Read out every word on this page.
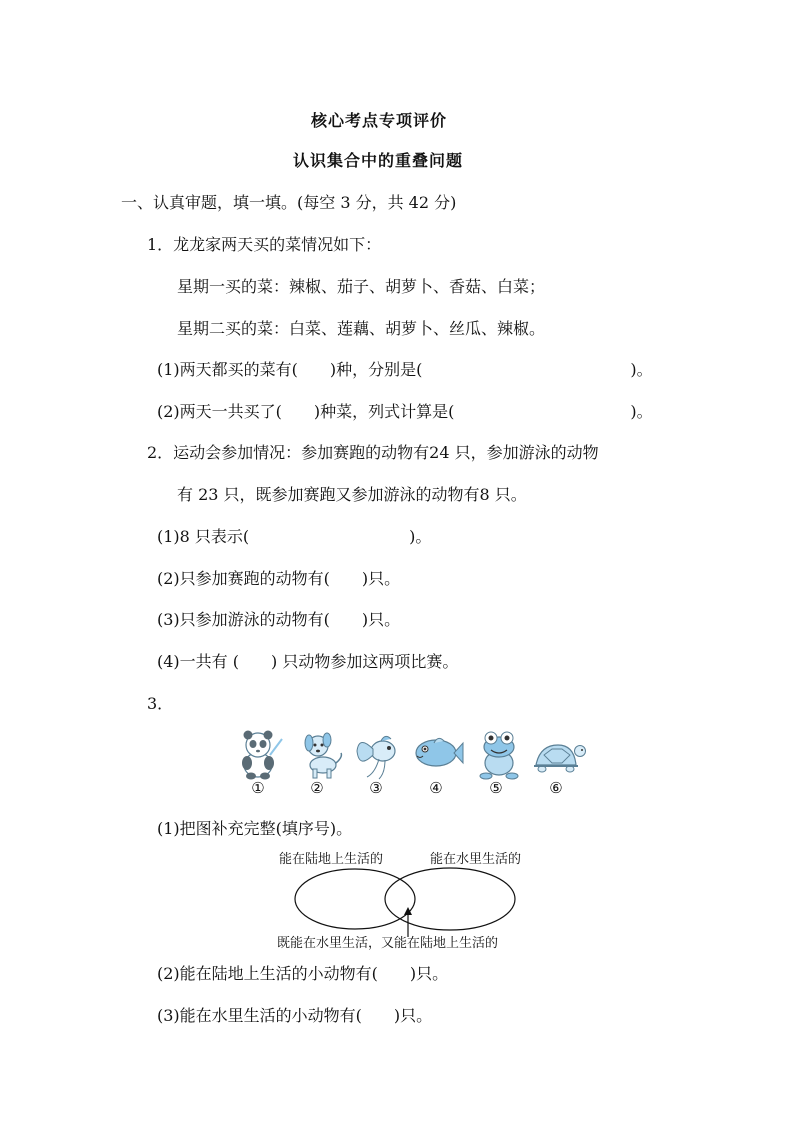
核心考点专项评价
认识集合中的重叠问题
一、认真审题，填一填。(每空 3 分，共 42 分)
1．龙龙家两天买的菜情况如下：
星期一买的菜：辣椒、茄子、胡萝卜、香菇、白菜；
星期二买的菜：白菜、莲藕、胡萝卜、丝瓜、辣椒。
(1)两天都买的菜有(　　)种，分别是(　　　　　　　　　　　　　)。
(2)两天一共买了(　　)种菜，列式计算是(　　　　　　　　　　　)。
2．运动会参加情况：参加赛跑的动物有24 只，参加游泳的动物
有 23 只，既参加赛跑又参加游泳的动物有8 只。
(1)8 只表示(　　　　　　　　　　)。
(2)只参加赛跑的动物有(　　)只。
(3)只参加游泳的动物有(　　)只。
(4)一共有 (　　) 只动物参加这两项比赛。
3．
①	②	③	④	⑤	⑥
(1)把图补充完整(填序号)。
能在陆地上生活的	能在水里生活的
既能在水里生活，又能在陆地上生活的
(2)能在陆地上生活的小动物有(　　)只。
(3)能在水里生活的小动物有(　　)只。
